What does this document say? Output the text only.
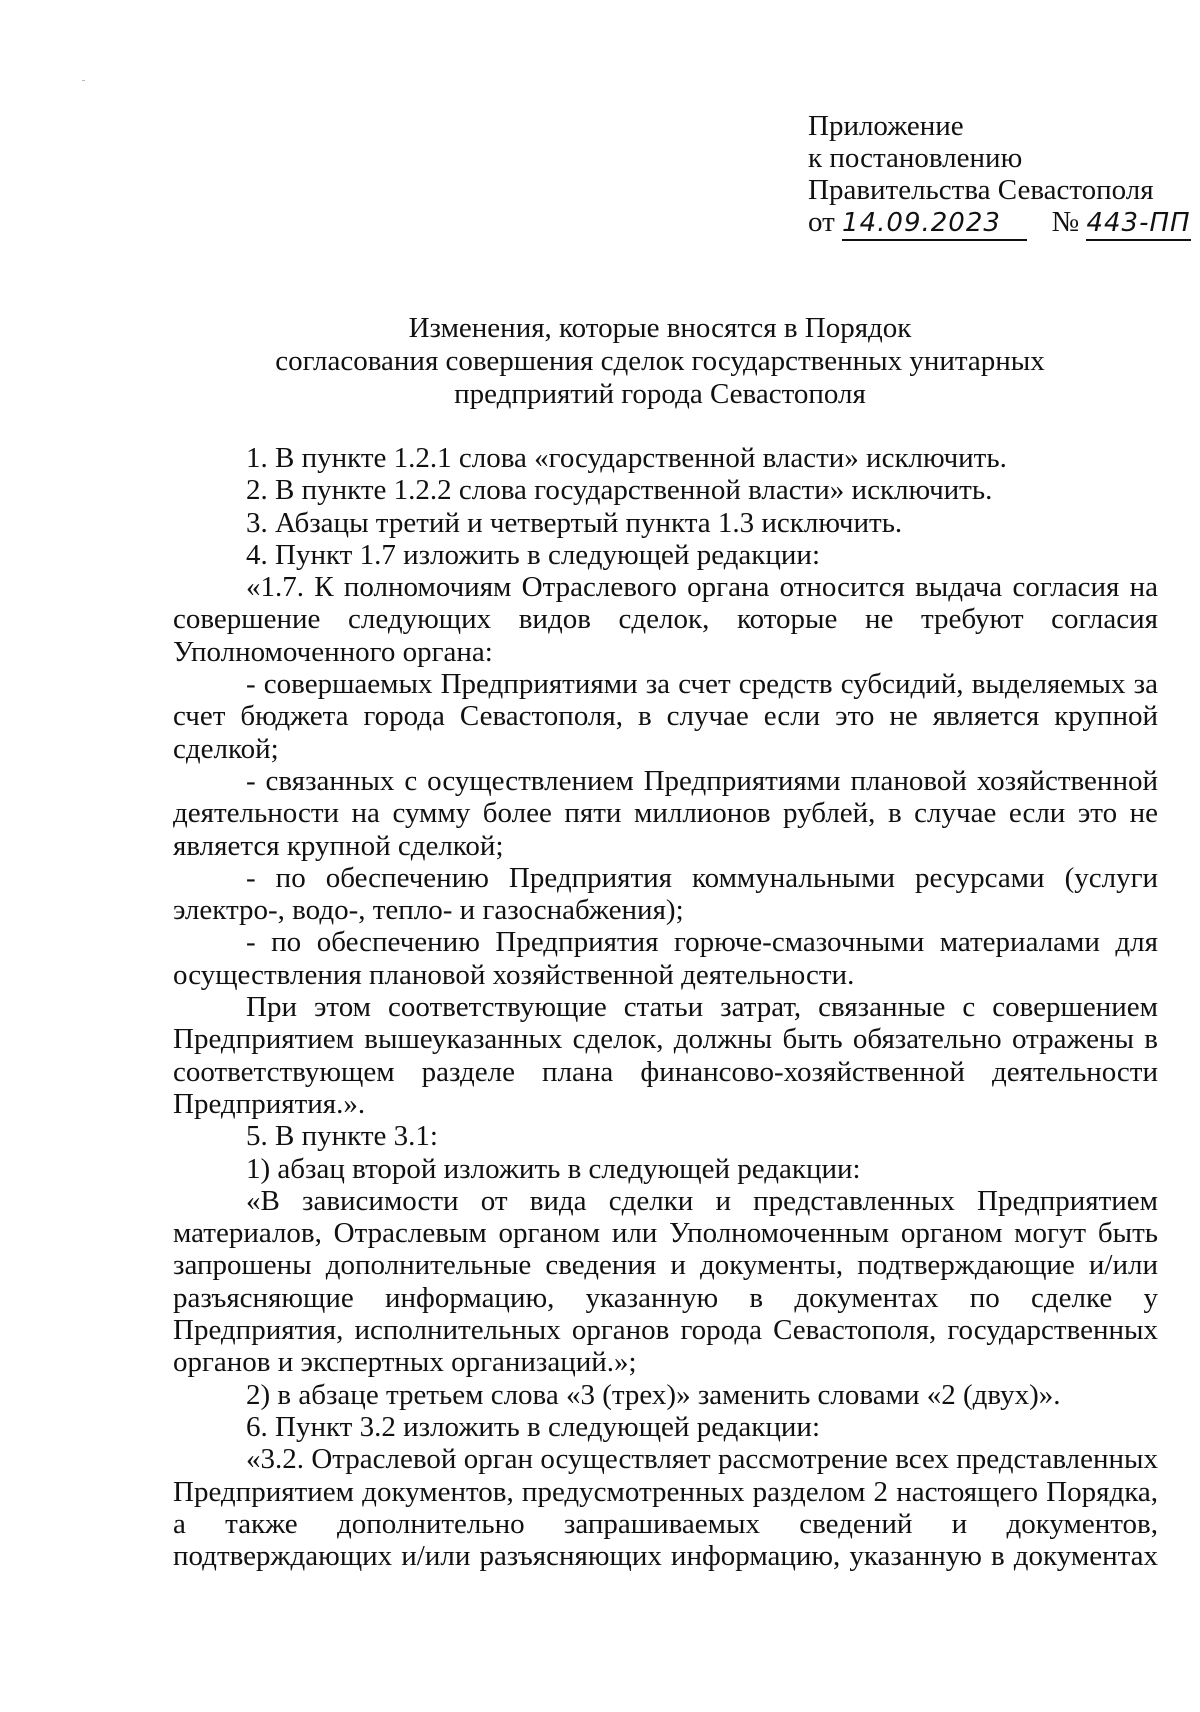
Приложение
к постановлению
Правительства Севастополя
от 14.09.2023 № 443-ПП
Изменения, которые вносятся в Порядок
согласования совершения сделок государственных унитарных
предприятий города Севастополя

1. В пункте 1.2.1 слова «государственной власти» исключить.

2. В пункте 1.2.2 слова государственной власти» исключить.

3. Абзацы третий и четвертый пункта 1.3 исключить.

4. Пункт 1.7 изложить в следующей редакции:

«1.7. К полномочиям Отраслевого органа относится выдача согласия на совершение следующих видов сделок, которые не требуют согласия Уполномоченного органа:

- совершаемых Предприятиями за счет средств субсидий, выделяемых за счет бюджета города Севастополя, в случае если это не является крупной сделкой;

- связанных с осуществлением Предприятиями плановой хозяйственной деятельности на сумму более пяти миллионов рублей, в случае если это не является крупной сделкой;

- по обеспечению Предприятия коммунальными ресурсами (услуги электро-, водо-, тепло- и газоснабжения);

- по обеспечению Предприятия горюче-смазочными материалами для осуществления плановой хозяйственной деятельности.

При этом соответствующие статьи затрат, связанные с совершением Предприятием вышеуказанных сделок, должны быть обязательно отражены в соответствующем разделе плана финансово-хозяйственной деятельности Предприятия.».

5. В пункте 3.1:

1) абзац второй изложить в следующей редакции:

«В зависимости от вида сделки и представленных Предприятием материалов, Отраслевым органом или Уполномоченным органом могут быть запрошены дополнительные сведения и документы, подтверждающие и/или разъясняющие информацию, указанную в документах по сделке у Предприятия, исполнительных органов города Севастополя, государственных органов и экспертных организаций.»;

2) в абзаце третьем слова «3 (трех)» заменить словами «2 (двух)».

6. Пункт 3.2 изложить в следующей редакции:

«3.2. Отраслевой орган осуществляет рассмотрение всех представленных Предприятием документов, предусмотренных разделом 2 настоящего Порядка, а также дополнительно запрашиваемых сведений и документов, подтверждающих и/или разъясняющих информацию, указанную в документах
